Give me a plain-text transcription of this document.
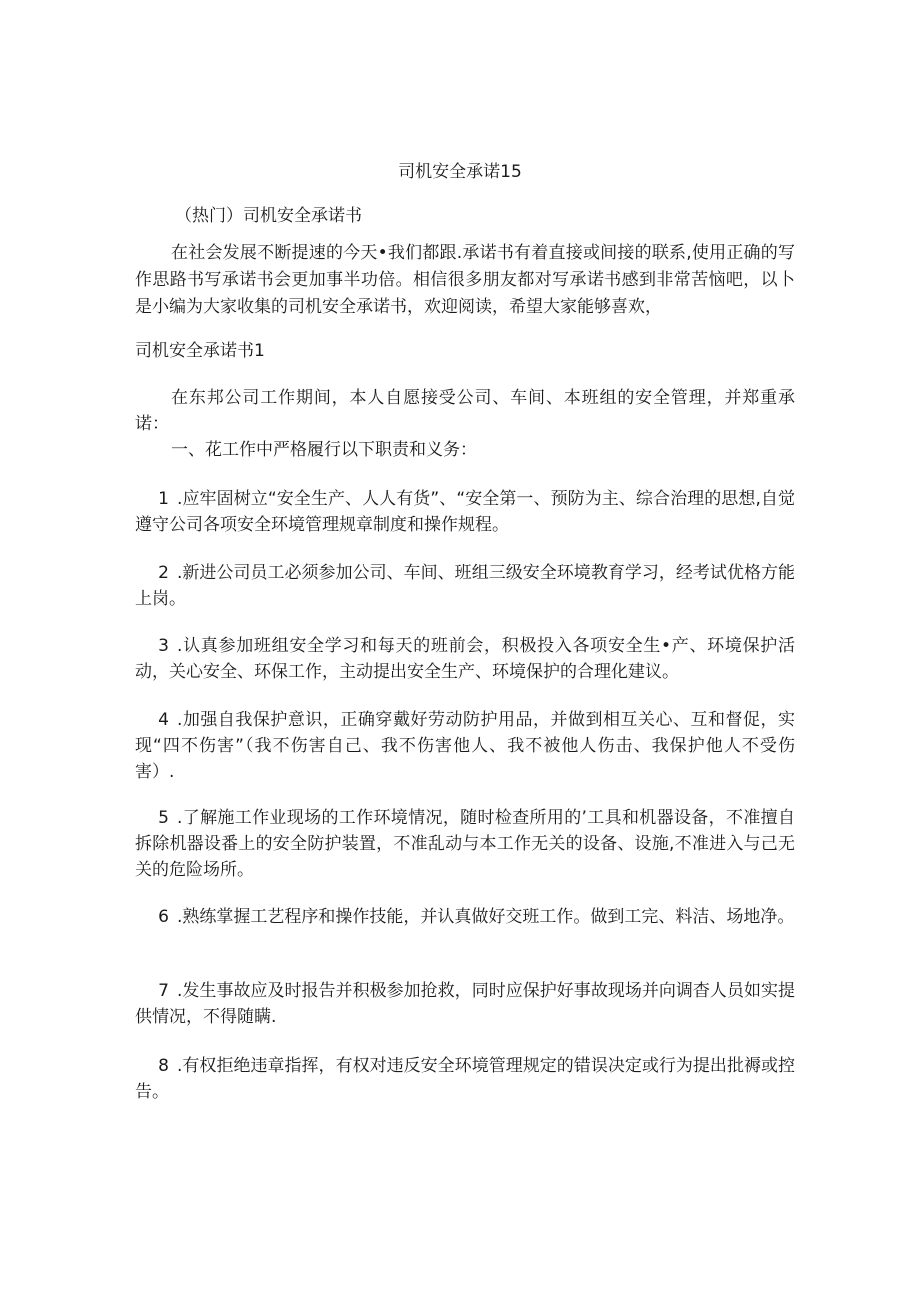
司机安全承诺15
（热门）司机安全承诺书

在社会发展不断提速的今天•我们都跟.承诺书有着直接或间接的联系,使用正确的写作思路书写承诺书会更加事半功倍。相信很多朋友都对写承诺书感到非常苦恼吧，以卜是小编为大家收集的司机安全承诺书，欢迎阅读，希望大家能够喜欢，

司机安全承诺书1

在东邦公司工作期间，本人自愿接受公司、车间、本班组的安全管理，并郑重承诺：

一、花工作中严格履行以下职责和义务：

1 .应牢固树立“安全生产、人人有货”、“安全第一、预防为主、综合治理的思想,自觉遵守公司各项安全环境管理规章制度和操作规程。

2 .新进公司员工必须参加公司、车间、班组三级安全环境教育学习，经考试优格方能上岗。

3 .认真参加班组安全学习和每天的班前会，积极投入各项安全生•产、环境保护活动，关心安全、环保工作，主动提出安全生产、环境保护的合理化建议。

4 .加强自我保护意识，正确穿戴好劳动防护用品，并做到相互关心、互和督促，实现“四不伤害”（我不伤害自己、我不伤害他人、我不被他人伤击、我保护他人不受伤害）.

5 .了解施工作业现场的工作环境情况，随时检查所用的’工具和机器设备，不准擅自拆除机器设番上的安全防护装置，不准乱动与本工作无关的设备、设施,不准进入与己无关的危险场所。

6 .熟练掌握工艺程序和操作技能，并认真做好交班工作。做到工完、料洁、场地净。

7 .发生事故应及时报告并积极参加抢救，同时应保护好事故现场并向调杳人员如实提供情况，不得随瞒.

8 .有权拒绝违章指挥，有权对违反安全环境管理规定的错误决定或行为提出批褥或控告。
